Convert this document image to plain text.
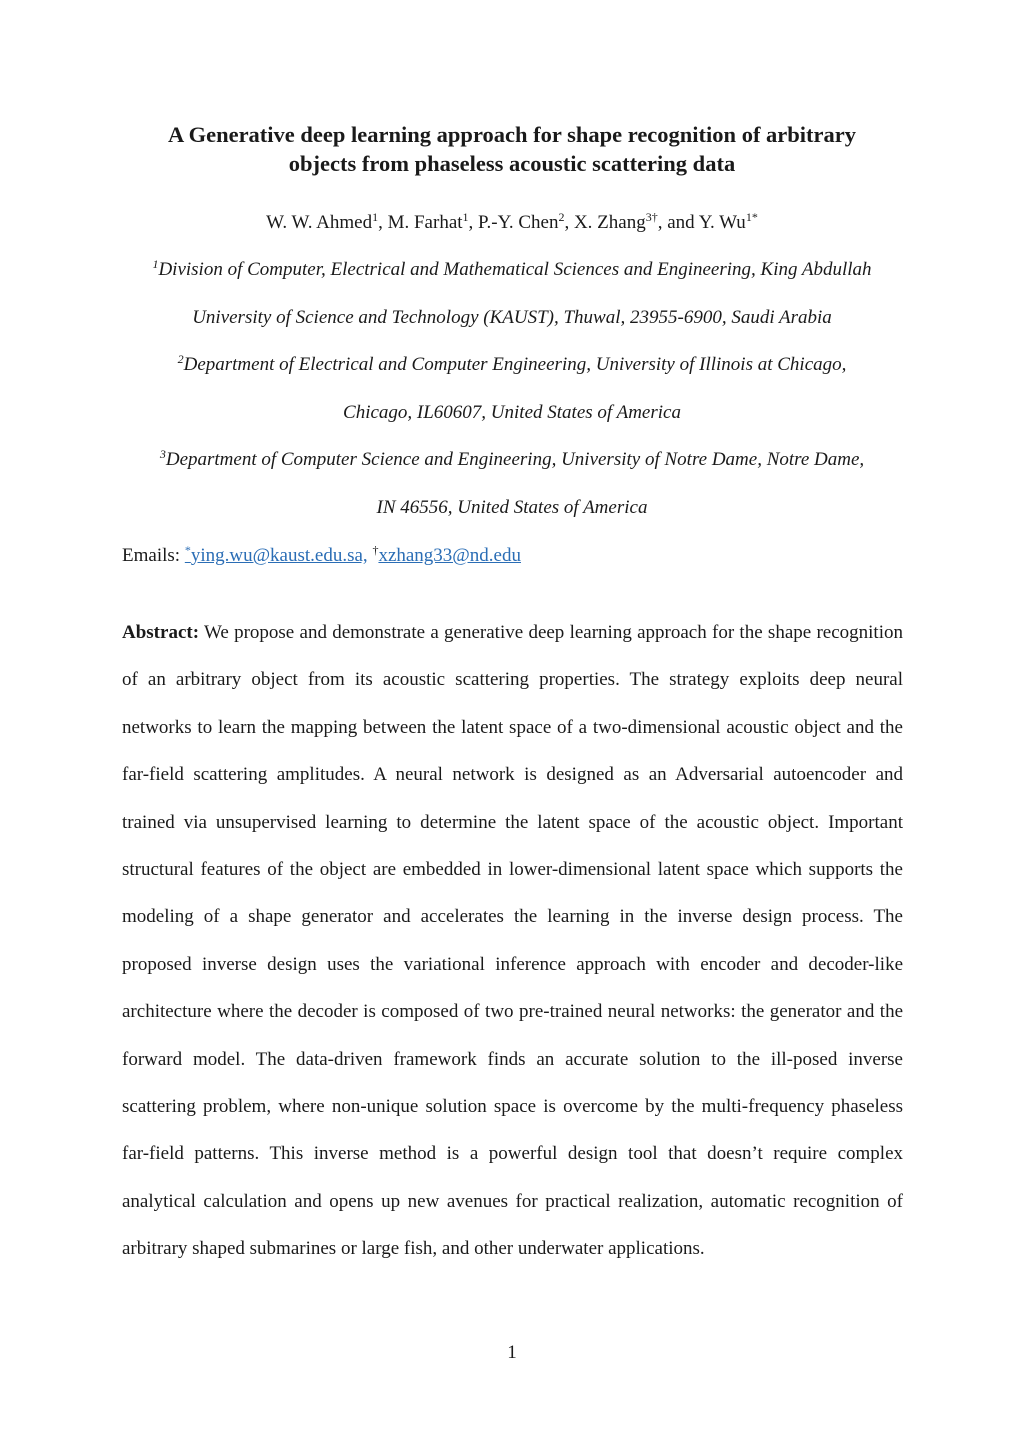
A Generative deep learning approach for shape recognition of arbitrary
objects from phaseless acoustic scattering data
W. W. Ahmed$^1$, M. Farhat$^1$, P.-Y. Chen$^2$, X. Zhang$^{3\dagger}$, and Y. $Wu^{1*}$
$^1$Division of Computer, Electrical and Mathematical Sciences and Engineering, King Abdullah
University of Science and Technology (KAUST), Thuwal, 23955-6900, Saudi Arabia
$^2$Department of Electrical and Computer Engineering, University of Illinois at Chicago,
Chicago, IL60607, United States of America
$^3$Department of Computer Science and Engineering, University of Notre Dame, Notre Dame,
IN 46556, United States of America
Emails: *ying.wu@kaust.edu.sa, †xzhang33@nd.edu
Abstract: We propose and demonstrate a generative deep learning approach for the shape recognition of an arbitrary object from its acoustic scattering properties. The strategy exploits deep neural networks to learn the mapping between the latent space of a two-dimensional acoustic object and the far-field scattering amplitudes. A neural network is designed as an Adversarial autoencoder and trained via unsupervised learning to determine the latent space of the acoustic object. Important structural features of the object are embedded in lower-dimensional latent space which supports the modeling of a shape generator and accelerates the learning in the inverse design process. The proposed inverse design uses the variational inference approach with encoder and decoder-like architecture where the decoder is composed of two pre-trained neural networks: the generator and the forward model. The data-driven framework finds an accurate solution to the ill-posed inverse scattering problem, where non-unique solution space is overcome by the multi-frequency phaseless far-field patterns. This inverse method is a powerful design tool that doesn’t require complex analytical calculation and opens up new avenues for practical realization, automatic recognition of arbitrary shaped submarines or large fish, and other underwater applications.
1
